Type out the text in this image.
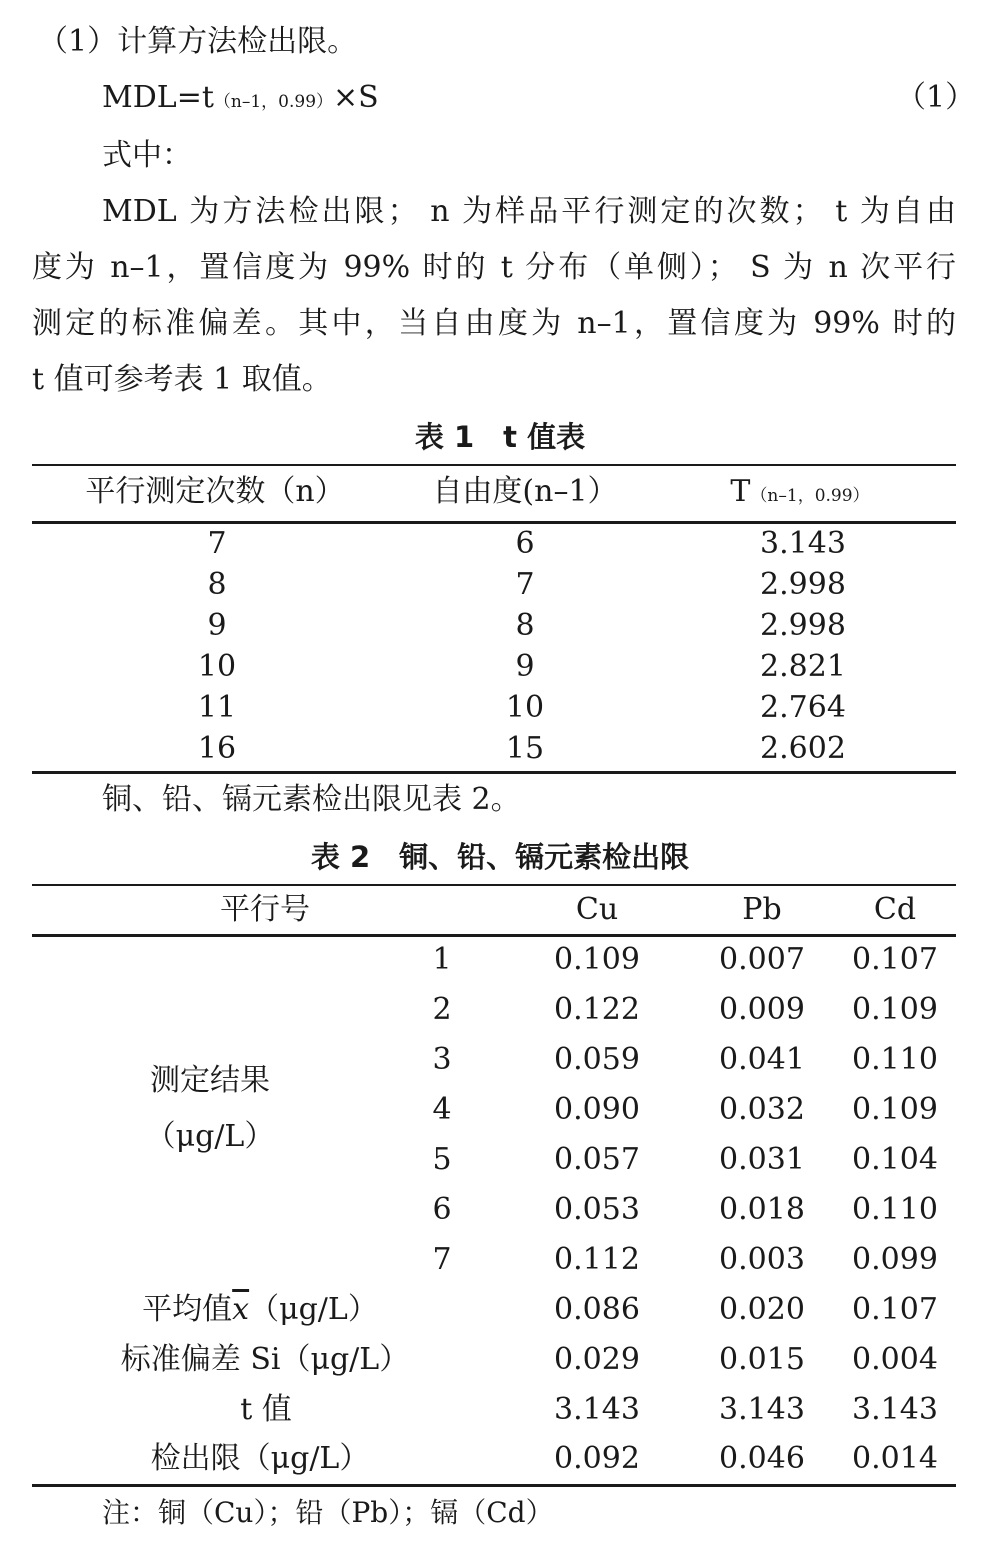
（1）计算方法检出限。
MDL=t（n–1，0.99）×S	（1）
式中：
MDL 为方法检出限； n 为样品平行测定的次数； t 为自由
度为 n–1，置信度为 99% 时的 t 分布（单侧）； S 为 n 次平行
测定的标准偏差。其中，当自由度为 n–1，置信度为 99% 时的
t 值可参考表 1 取值。
表 1　t 值表
平行测定次数（n）	自由度(n–1）	T（n–1，0.99）
7	6	3.143
8	7	2.998
9	8	2.998
10	9	2.821
11	10	2.764
16	15	2.602
铜、铅、镉元素检出限见表 2。
表 2　铜、铅、镉元素检出限
平行号	Cu	Pb	Cd
测定结果
（μg/L）
1	0.109	0.007	0.107
2	0.122	0.009	0.109
3	0.059	0.041	0.110
4	0.090	0.032	0.109
5	0.057	0.031	0.104
6	0.053	0.018	0.110
7	0.112	0.003	0.099
平均值$\overline{x}(\mu g/L)$	0.086	0.020	0.107
标准偏差 Si（μg/L）	0.029	0.015	0.004
t 值	3.143	3.143	3.143
检出限（μg/L）	0.092	0.046	0.014
注：铜（Cu）；铅（Pb）；镉（Cd）
